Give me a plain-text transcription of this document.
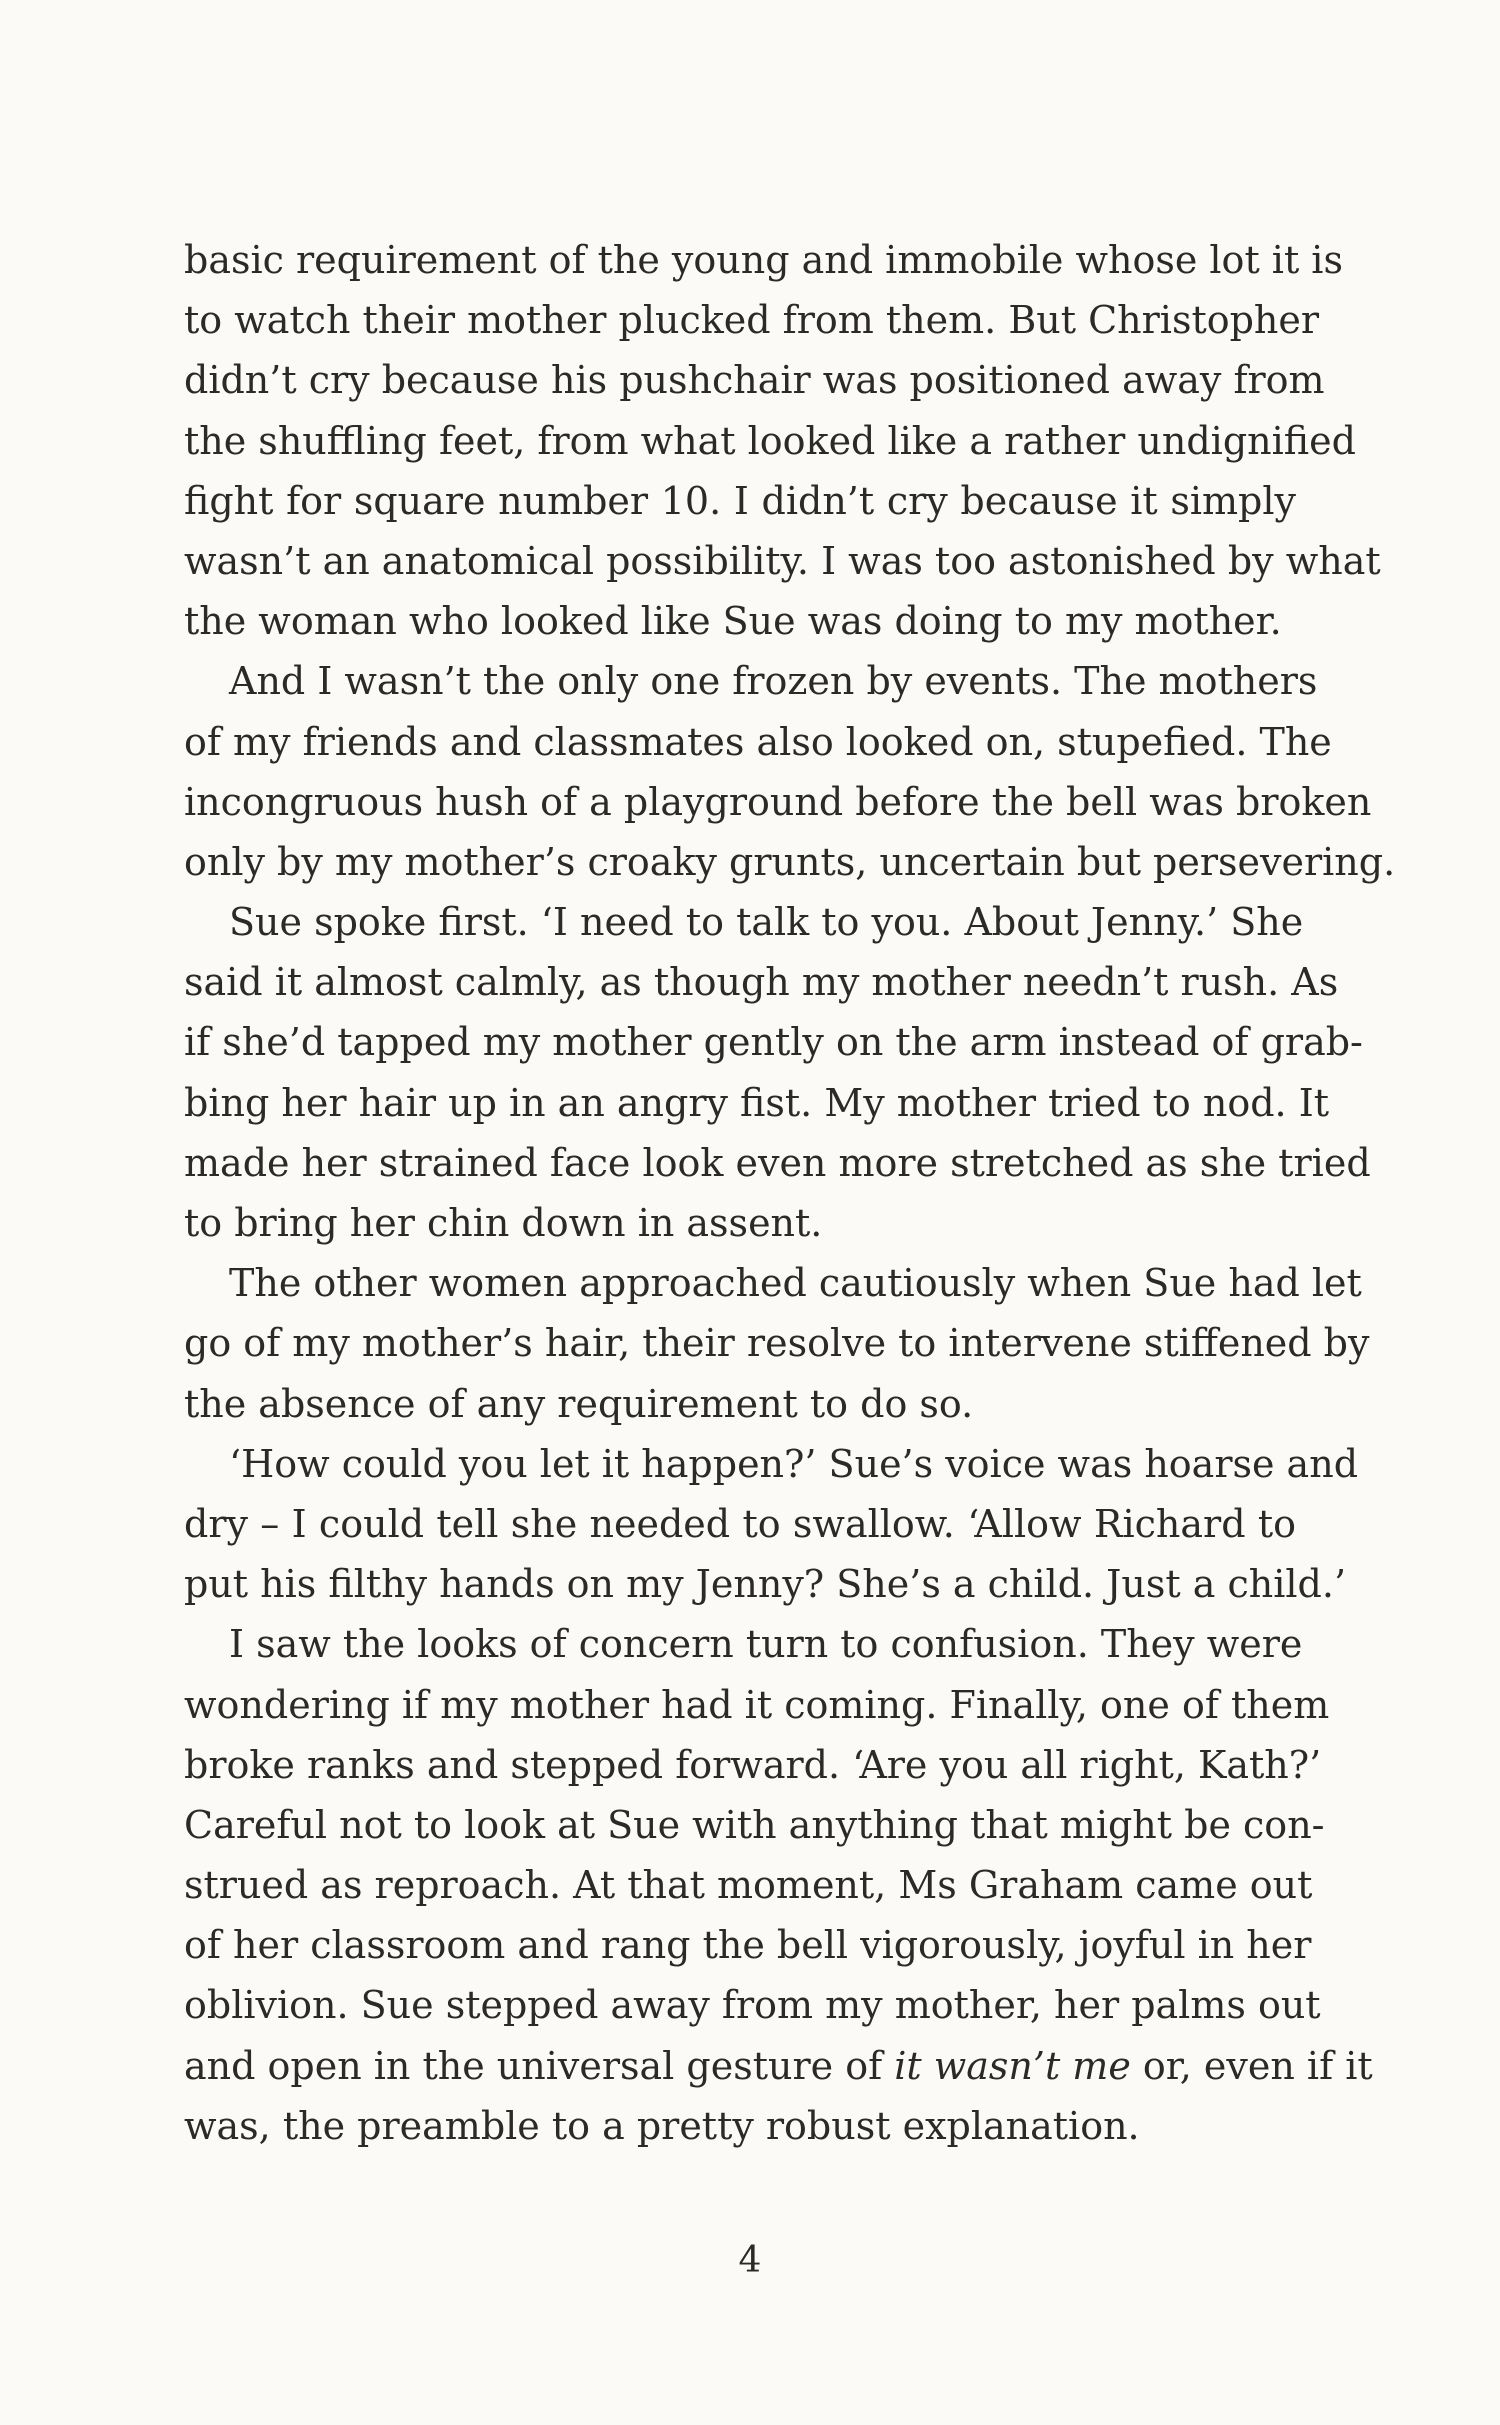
basic requirement of the young and immobile whose lot it is
to watch their mother plucked from them. But Christopher
didn’t cry because his pushchair was positioned away from
the shuffling feet, from what looked like a rather undignified
fight for square number 10. I didn’t cry because it simply
wasn’t an anatomical possibility. I was too astonished by what
the woman who looked like Sue was doing to my mother.
And I wasn’t the only one frozen by events. The mothers
of my friends and classmates also looked on, stupefied. The
incongruous hush of a playground before the bell was broken
only by my mother’s croaky grunts, uncertain but persevering.
Sue spoke first. ‘I need to talk to you. About Jenny.’ She
said it almost calmly, as though my mother needn’t rush. As
if she’d tapped my mother gently on the arm instead of grab-
bing her hair up in an angry fist. My mother tried to nod. It
made her strained face look even more stretched as she tried
to bring her chin down in assent.
The other women approached cautiously when Sue had let
go of my mother’s hair, their resolve to intervene stiffened by
the absence of any requirement to do so.
‘How could you let it happen?’ Sue’s voice was hoarse and
dry – I could tell she needed to swallow. ‘Allow Richard to
put his filthy hands on my Jenny? She’s a child. Just a child.’
I saw the looks of concern turn to confusion. They were
wondering if my mother had it coming. Finally, one of them
broke ranks and stepped forward. ‘Are you all right, Kath?’
Careful not to look at Sue with anything that might be con-
strued as reproach. At that moment, Ms Graham came out
of her classroom and rang the bell vigorously, joyful in her
oblivion. Sue stepped away from my mother, her palms out
and open in the universal gesture of it wasn’t me or, even if it
was, the preamble to a pretty robust explanation.
4
